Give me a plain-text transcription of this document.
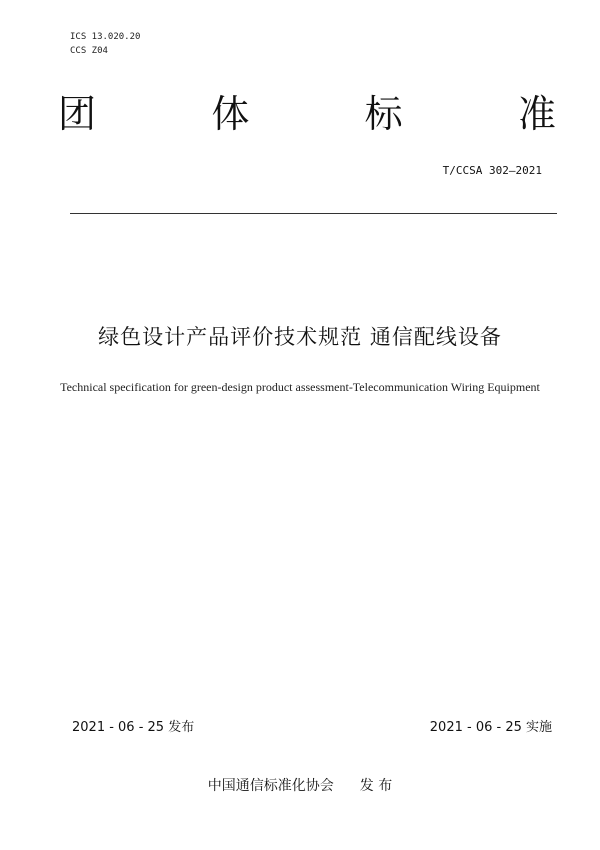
ICS 13.020.20
CCS Z04
团	体	标	准
T/CCSA 302—2021
绿色设计产品评价技术规范 通信配线设备
Technical specification for green-design product assessment-Telecommunication Wiring Equipment
2021 - 06 - 25 发布	2021 - 06 - 25 实施
中国通信标准化协会 发 布
